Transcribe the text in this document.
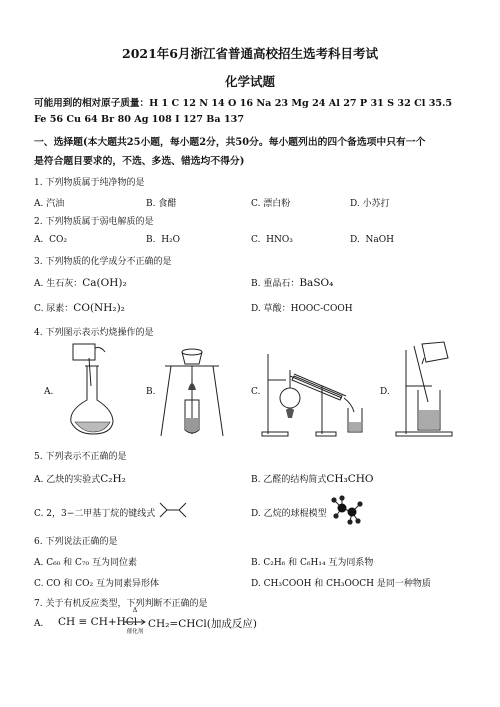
2021年6月浙江省普通高校招生选考科目考试
化学试题
可能用到的相对原子质量：H 1 C 12 N 14 O 16 Na 23 Mg 24 Al 27 P 31 S 32 Cl 35.5
Fe 56 Cu 64 Br 80 Ag 108 I 127 Ba 137
一、选择题(本大题共25小题，每小题2分，共50分。每小题列出的四个备选项中只有一个
是符合题目要求的，不选、多选、错选均不得分)
1. 下列物质属于纯净物的是
A. 汽油	B. 食醋	C. 漂白粉	D. 小苏打
2. 下列物质属于弱电解质的是
A. CO₂	B. H₂O	C. HNO₃	D. NaOH
3. 下列物质的化学成分不正确的是
A. 生石灰：Ca(OH)₂	B. 重晶石：BaSO₄
C. 尿素：CO(NH₂)₂	D. 草酸：HOOC-COOH
4. 下列图示表示灼烧操作的是
A.	B.	C.	D.
5. 下列表示不正确的是
A. 乙炔的实验式C₂H₂	B. 乙醛的结构简式CH₃CHO
C. 2，3−二甲基丁烷的键线式	D. 乙烷的球棍模型
6. 下列说法正确的是
A. C₆₀ 和 C₇₀ 互为同位素	B. C₂H₆ 和 C₆H₁₄ 互为同系物
C. CO 和 CO₂ 互为同素异形体	D. CH₃COOH 和 CH₃OOCH 是同一种物质
7. 关于有机反应类型，下列判断不正确的是
A. CH ≡ CH+HCl
Δ
催化剂
CH₂=CHCl(加成反应)
